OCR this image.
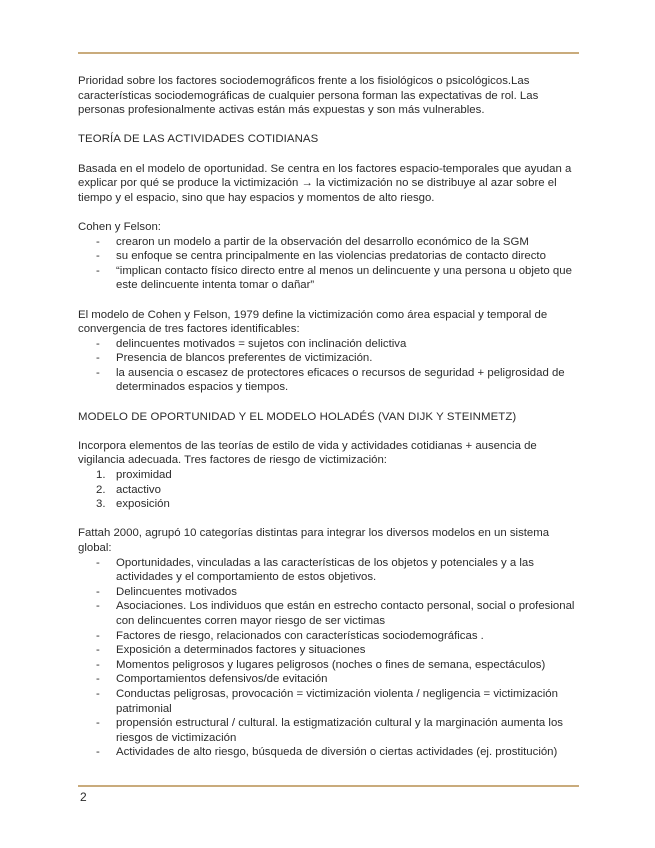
Prioridad sobre los factores sociodemográficos frente a los fisiológicos o psicológicos.Las características sociodemográficas de cualquier persona forman las expectativas de rol. Las personas profesionalmente activas están más expuestas y son más vulnerables.

TEORÍA DE LAS ACTIVIDADES COTIDIANAS

Basada en el modelo de oportunidad. Se centra en los factores espacio-temporales que ayudan a explicar por qué se produce la victimización → la victimización no se distribuye al azar sobre el tiempo y el espacio, sino que hay espacios y momentos de alto riesgo.

Cohen y Felson:

- crearon un modelo a partir de la observación del desarrollo económico de la SGM
- su enfoque se centra principalmente en las violencias predatorias de contacto directo
- “implican contacto físico directo entre al menos un delincuente y una persona u objeto que este delincuente intenta tomar o dañar”

El modelo de Cohen y Felson, 1979 define la victimización como área espacial y temporal de convergencia de tres factores identificables:

- delincuentes motivados = sujetos con inclinación delictiva
- Presencia de blancos preferentes de victimización.
- la ausencia o escasez de protectores eficaces o recursos de seguridad + peligrosidad de determinados espacios y tiempos.

MODELO DE OPORTUNIDAD Y EL MODELO HOLADÉS (VAN DIJK Y STEINMETZ)

Incorpora elementos de las teorías de estilo de vida y actividades cotidianas + ausencia de vigilancia adecuada. Tres factores de riesgo de victimización:

1. proximidad
2. actactivo
3. exposición

Fattah 2000, agrupó 10 categorías distintas para integrar los diversos modelos en un sistema global:

- Oportunidades, vinculadas a las características de los objetos y potenciales y a las actividades y el comportamiento de estos objetivos.
- Delincuentes motivados
- Asociaciones. Los individuos que están en estrecho contacto personal, social o profesional con delincuentes corren mayor riesgo de ser victimas
- Factores de riesgo, relacionados con características sociodemográficas .
- Exposición a determinados factores y situaciones
- Momentos peligrosos y lugares peligrosos (noches o fines de semana, espectáculos)
- Comportamientos defensivos/de evitación
- Conductas peligrosas, provocación = victimización violenta / negligencia = victimización patrimonial
- propensión estructural / cultural. la estigmatización cultural y la marginación aumenta los riesgos de victimización
- Actividades de alto riesgo, búsqueda de diversión o ciertas actividades (ej. prostitución)
2
